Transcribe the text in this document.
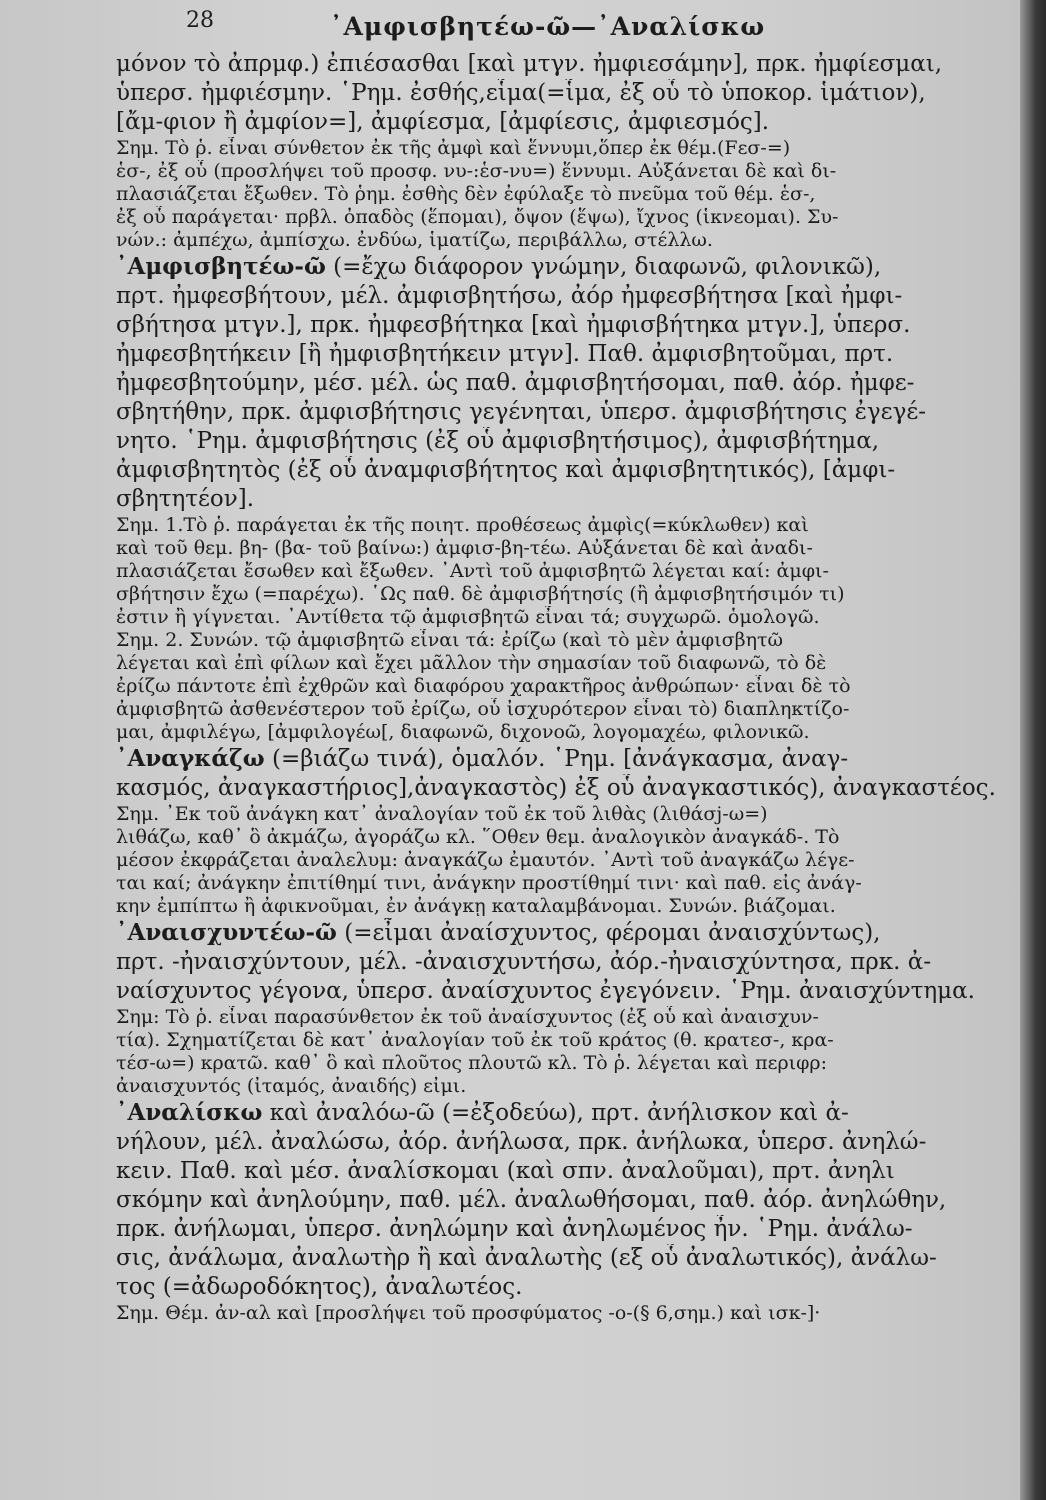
28	᾿Αμφισβητέω-ῶ—᾿Αναλίσκω
μόνον τὸ ἀπρμφ.) ἐπιέσασθαι [καὶ μτγν. ἠμφιεσάμην], πρκ. ἠμφίεσμαι,
ὑπερσ. ἠμφιέσμην. ῾Ρημ. ἐσθής,εἷμα(=ἷμα, ἐξ οὗ τὸ ὑποκορ. ἱμάτιον),
[ἄμ-φιον ἢ ἀμφίον=], ἀμφίεσμα, [ἀμφίεσις, ἀμφιεσμός].
Σημ. Τὸ ῥ. εἶναι σύνθετον ἐκ τῆς ἀμφὶ καὶ ἕννυμι,ὅπερ ἐκ θέμ.(Fεσ-=)
ἑσ-, ἐξ οὗ (προσλήψει τοῦ προσφ. νυ-:ἑσ-νυ=) ἕννυμι. Αὐξάνεται δὲ καὶ δι-
πλασιάζεται ἔξωθεν. Τὸ ῥημ. ἐσθὴς δὲν ἐφύλαξε τὸ πνεῦμα τοῦ θέμ. ἑσ-,
ἐξ οὗ παράγεται· πρβλ. ὀπαδὸς (ἕπομαι), ὄψον (ἕψω), ἴχνος (ἱκνεομαι). Συ-
νών.: ἀμπέχω, ἀμπίσχω. ἐνδύω, ἱματίζω, περιβάλλω, στέλλω.
᾿Αμφισβητέω-ῶ (=ἔχω διάφορον γνώμην, διαφωνῶ, φιλονικῶ),
πρτ. ἠμφεσβήτουν, μέλ. ἀμφισβητήσω, ἀόρ ἠμφεσβήτησα [καὶ ἠμφι-
σβήτησα μτγν.], πρκ. ἠμφεσβήτηκα [καὶ ἠμφισβήτηκα μτγν.], ὑπερσ.
ἠμφεσβητήκειν [ἢ ἠμφισβητήκειν μτγν]. Παθ. ἀμφισβητοῦμαι, πρτ.
ἠμφεσβητούμην, μέσ. μέλ. ὡς παθ. ἀμφισβητήσομαι, παθ. ἀόρ. ἠμφε-
σβητήθην, πρκ. ἀμφισβήτησις γεγένηται, ὑπερσ. ἀμφισβήτησις ἐγεγέ-
νητο. ῾Ρημ. ἀμφισβήτησις (ἐξ οὗ ἀμφισβητήσιμος), ἀμφισβήτημα,
ἀμφισβητητὸς (ἐξ οὗ ἀναμφισβήτητος καὶ ἀμφισβητητικός), [ἀμφι-
σβητητέον].
Σημ. 1.Τὸ ῥ. παράγεται ἐκ τῆς ποιητ. προθέσεως ἀμφὶς(=κύκλωθεν) καὶ
καὶ τοῦ θεμ. βη- (βα- τοῦ βαίνω:) ἀμφισ-βη-τέω. Αὐξάνεται δὲ καὶ ἀναδι-
πλασιάζεται ἔσωθεν καὶ ἔξωθεν. ᾿Αντὶ τοῦ ἀμφισβητῶ λέγεται καί: ἀμφι-
σβήτησιν ἔχω (=παρέχω). ῾Ως παθ. δὲ ἀμφισβήτησίς (ἢ ἀμφισβητήσιμόν τι)
ἐστιν ἢ γίγνεται. ᾿Αντίθετα τῷ ἀμφισβητῶ εἶναι τά; συγχωρῶ. ὁμολογῶ.
Σημ. 2. Συνών. τῷ ἀμφισβητῶ εἶναι τά: ἐρίζω (καὶ τὸ μὲν ἀμφισβητῶ
λέγεται καὶ ἐπὶ φίλων καὶ ἔχει μᾶλλον τὴν σημασίαν τοῦ διαφωνῶ, τὸ δὲ
ἐρίζω πάντοτε ἐπὶ ἐχθρῶν καὶ διαφόρου χαρακτῆρος ἀνθρώπων· εἶναι δὲ τὸ
ἀμφισβητῶ ἀσθενέστερον τοῦ ἐρίζω, οὗ ἰσχυρότερον εἶναι τὸ) διαπληκτίζο-
μαι, ἀμφιλέγω, [ἀμφιλογέω[, διαφωνῶ, διχονοῶ, λογομαχέω, φιλονικῶ.
᾿Αναγκάζω (=βιάζω τινά), ὁμαλόν. ῾Ρημ. [ἀνάγκασμα, ἀναγ-
κασμός, ἀναγκαστήριος],ἀναγκαστὸς) ἐξ οὗ ἀναγκαστικός), ἀναγκαστέος.
Σημ. ᾿Εκ τοῦ ἀνάγκη κατ᾿ ἀναλογίαν τοῦ ἐκ τοῦ λιθὰς (λιθάσj-ω=)
λιθάζω, καθ᾿ ὃ ἀκμάζω, ἀγοράζω κλ. ῞Οθεν θεμ. ἀναλογικὸν ἀναγκάδ-. Τὸ
μέσον ἐκφράζεται ἀναλελυμ: ἀναγκάζω ἐμαυτόν. ᾿Αντὶ τοῦ ἀναγκάζω λέγε-
ται καί; ἀνάγκην ἐπιτίθημί τινι, ἀνάγκην προστίθημί τινι· καὶ παθ. εἰς ἀνάγ-
κην ἐμπίπτω ἢ ἀφικνοῦμαι, ἐν ἀνάγκῃ καταλαμβάνομαι. Συνών. βιάζομαι.
᾿Αναισχυντέω-ῶ (=εἶμαι ἀναίσχυντος, φέρομαι ἀναισχύντως),
πρτ. -ἠναισχύντουν, μέλ. -ἀναισχυντήσω, ἀόρ.-ἠναισχύντησα, πρκ. ἀ-
ναίσχυντος γέγονα, ὑπερσ. ἀναίσχυντος ἐγεγόνειν. ῾Ρημ. ἀναισχύντημα.
Σημ: Τὸ ῥ. εἶναι παρασύνθετον ἐκ τοῦ ἀναίσχυντος (ἐξ οὗ καὶ ἀναισχυν-
τία). Σχηματίζεται δὲ κατ᾿ ἀναλογίαν τοῦ ἐκ τοῦ κράτος (θ. κρατεσ-, κρα-
τέσ-ω=) κρατῶ. καθ᾿ ὃ καὶ πλοῦτος πλουτῶ κλ. Τὸ ῥ. λέγεται καὶ περιφρ:
ἀναισχυντός (ἰταμός, ἀναιδής) εἰμι.
᾿Αναλίσκω καὶ ἀναλόω-ῶ (=ἐξοδεύω), πρτ. ἀνήλισκον καὶ ἀ-
νήλουν, μέλ. ἀναλώσω, ἀόρ. ἀνήλωσα, πρκ. ἀνήλωκα, ὑπερσ. ἀνηλώ-
κειν. Παθ. καὶ μέσ. ἀναλίσκομαι (καὶ σπν. ἀναλοῦμαι), πρτ. ἀνηλι
σκόμην καὶ ἀνηλούμην, παθ. μέλ. ἀναλωθήσομαι, παθ. ἀόρ. ἀνηλώθην,
πρκ. ἀνήλωμαι, ὑπερσ. ἀνηλώμην καὶ ἀνηλωμένος ἦν. ῾Ρημ. ἀνάλω-
σις, ἀνάλωμα, ἀναλωτὴρ ἢ καὶ ἀναλωτὴς (εξ οὗ ἀναλωτικός), ἀνάλω-
τος (=ἀδωροδόκητος), ἀναλωτέος.
Σημ. Θέμ. ἀν-αλ καὶ [προσλήψει τοῦ προσφύματος -ο-(§ 6,σημ.) καὶ ισκ-]·
